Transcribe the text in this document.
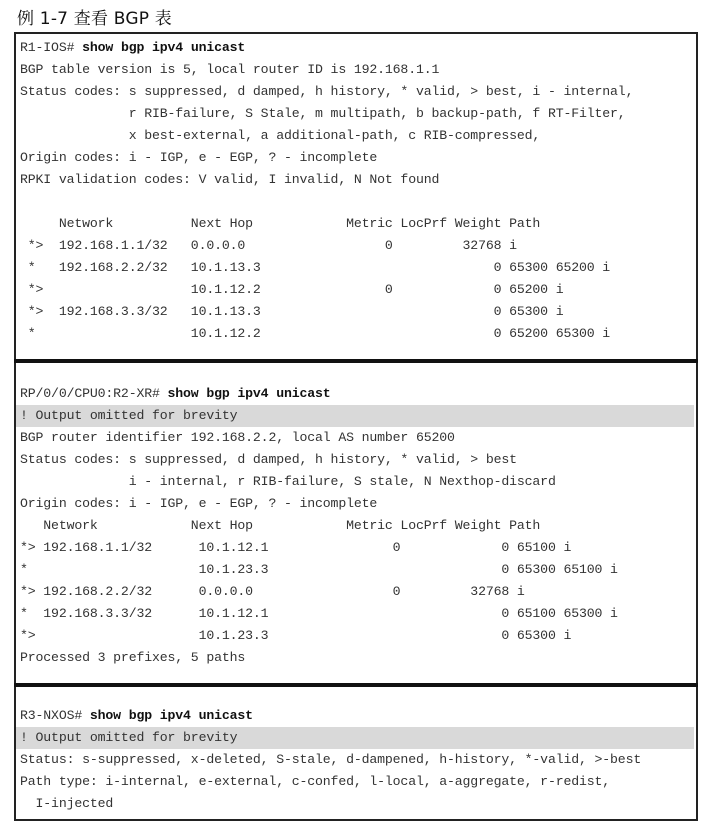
例 1-7 查看 BGP 表
R1-IOS# show bgp ipv4 unicast
BGP table version is 5, local router ID is 192.168.1.1
Status codes: s suppressed, d damped, h history, * valid, > best, i - internal,
r RIB-failure, S Stale, m multipath, b backup-path, f RT-Filter,
x best-external, a additional-path, c RIB-compressed,
Origin codes: i - IGP, e - EGP, ? - incomplete
RPKI validation codes: V valid, I invalid, N Not found
Network          Next Hop            Metric LocPrf Weight Path
*>  192.168.1.1/32   0.0.0.0                  0         32768 i
*   192.168.2.2/32   10.1.13.3                              0 65300 65200 i
*>                   10.1.12.2                0             0 65200 i
*>  192.168.3.3/32   10.1.13.3                              0 65300 i
*                    10.1.12.2                              0 65200 65300 i
RP/0/0/CPU0:R2-XR# show bgp ipv4 unicast
! Output omitted for brevity
BGP router identifier 192.168.2.2, local AS number 65200
Status codes: s suppressed, d damped, h history, * valid, > best
i - internal, r RIB-failure, S stale, N Nexthop-discard
Origin codes: i - IGP, e - EGP, ? - incomplete
Network            Next Hop            Metric LocPrf Weight Path
*> 192.168.1.1/32      10.1.12.1                0             0 65100 i
*                      10.1.23.3                              0 65300 65100 i
*> 192.168.2.2/32      0.0.0.0                  0         32768 i
*  192.168.3.3/32      10.1.12.1                              0 65100 65300 i
*>                     10.1.23.3                              0 65300 i
Processed 3 prefixes, 5 paths
R3-NXOS# show bgp ipv4 unicast
! Output omitted for brevity
Status: s-suppressed, x-deleted, S-stale, d-dampened, h-history, *-valid, >-best
Path type: i-internal, e-external, c-confed, l-local, a-aggregate, r-redist,
I-injected
